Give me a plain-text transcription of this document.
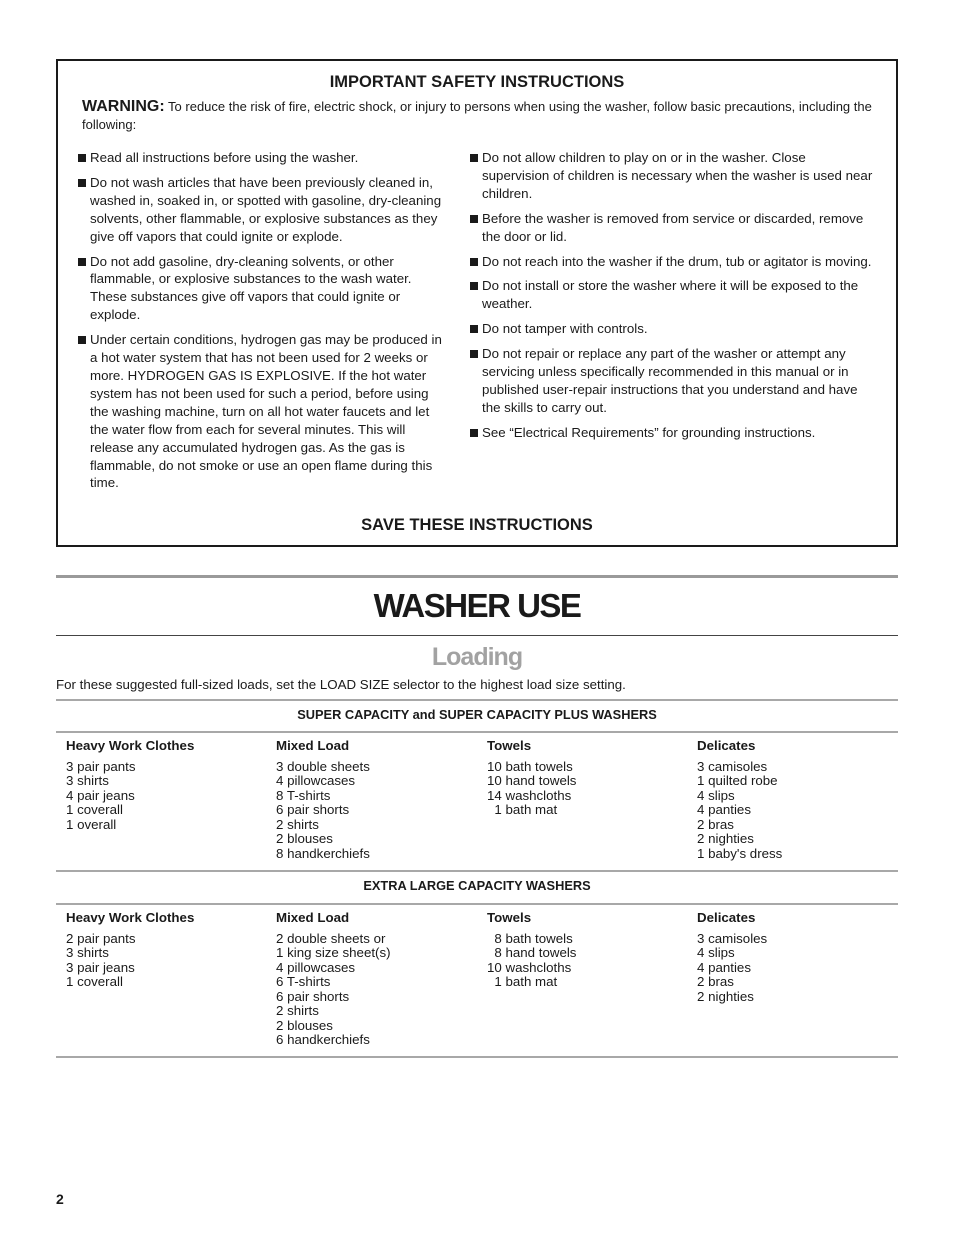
IMPORTANT SAFETY INSTRUCTIONS
WARNING: To reduce the risk of fire, electric shock, or injury to persons when using the washer, follow basic precautions, including the following:
Read all instructions before using the washer.
Do not wash articles that have been previously cleaned in, washed in, soaked in, or spotted with gasoline, dry-cleaning solvents, other flammable, or explosive substances as they give off vapors that could ignite or explode.
Do not add gasoline, dry-cleaning solvents, or other flammable, or explosive substances to the wash water. These substances give off vapors that could ignite or explode.
Under certain conditions, hydrogen gas may be produced in a hot water system that has not been used for 2 weeks or more. HYDROGEN GAS IS EXPLOSIVE. If the hot water system has not been used for such a period, before using the washing machine, turn on all hot water faucets and let the water flow from each for several minutes. This will release any accumulated hydrogen gas. As the gas is flammable, do not smoke or use an open flame during this time.
Do not allow children to play on or in the washer. Close supervision of children is necessary when the washer is used near children.
Before the washer is removed from service or discarded, remove the door or lid.
Do not reach into the washer if the drum, tub or agitator is moving.
Do not install or store the washer where it will be exposed to the weather.
Do not tamper with controls.
Do not repair or replace any part of the washer or attempt any servicing unless specifically recommended in this manual or in published user-repair instructions that you understand and have the skills to carry out.
See “Electrical Requirements” for grounding instructions.
SAVE THESE INSTRUCTIONS
WASHER USE
Loading
For these suggested full-sized loads, set the LOAD SIZE selector to the highest load size setting.
SUPER CAPACITY and SUPER CAPACITY PLUS WASHERS
Heavy Work Clothes
3 pair pants
3 shirts
4 pair jeans
1 coverall
1 overall
Mixed Load
3 double sheets
4 pillowcases
8 T-shirts
6 pair shorts
2 shirts
2 blouses
8 handkerchiefs
Towels
10 bath towels
10 hand towels
14 washcloths
1 bath mat
Delicates
3 camisoles
1 quilted robe
4 slips
4 panties
2 bras
2 nighties
1 baby's dress
EXTRA LARGE CAPACITY WASHERS
Heavy Work Clothes
2 pair pants
3 shirts
3 pair jeans
1 coverall
Mixed Load
2 double sheets or
1 king size sheet(s)
4 pillowcases
6 T-shirts
6 pair shorts
2 shirts
2 blouses
6 handkerchiefs
Towels
8 bath towels
8 hand towels
10 washcloths
1 bath mat
Delicates
3 camisoles
4 slips
4 panties
2 bras
2 nighties
2
